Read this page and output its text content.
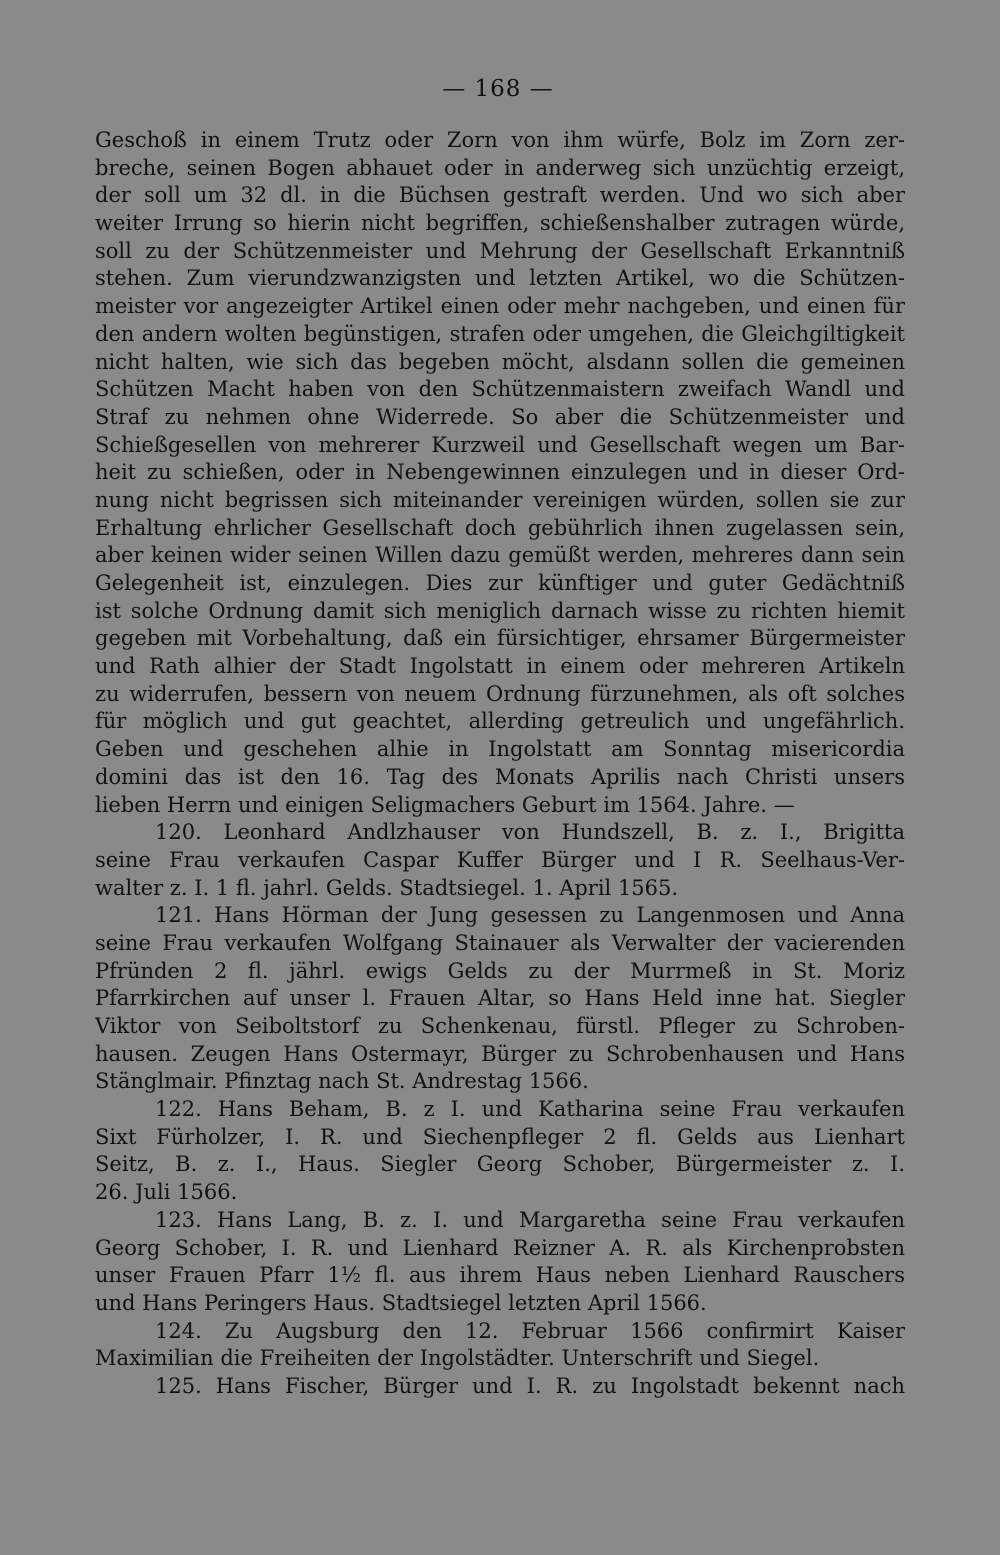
— 168 —
Geschoß in einem Trutz oder Zorn von ihm würfe, Bolz im Zorn zer-
breche, seinen Bogen abhauet oder in anderweg sich unzüchtig erzeigt,
der soll um 32 dl. in die Büchsen gestraft werden. Und wo sich aber
weiter Irrung so hierin nicht begriffen, schießenshalber zutragen würde,
soll zu der Schützenmeister und Mehrung der Gesellschaft Erkanntniß
stehen. Zum vierundzwanzigsten und letzten Artikel, wo die Schützen-
meister vor angezeigter Artikel einen oder mehr nachgeben, und einen für
den andern wolten begünstigen, strafen oder umgehen, die Gleichgiltigkeit
nicht halten, wie sich das begeben möcht, alsdann sollen die gemeinen
Schützen Macht haben von den Schützenmaistern zweifach Wandl und
Straf zu nehmen ohne Widerrede. So aber die Schützenmeister und
Schießgesellen von mehrerer Kurzweil und Gesellschaft wegen um Bar-
heit zu schießen, oder in Nebengewinnen einzulegen und in dieser Ord-
nung nicht begrissen sich miteinander vereinigen würden, sollen sie zur
Erhaltung ehrlicher Gesellschaft doch gebührlich ihnen zugelassen sein,
aber keinen wider seinen Willen dazu gemüßt werden, mehreres dann sein
Gelegenheit ist, einzulegen. Dies zur künftiger und guter Gedächtniß
ist solche Ordnung damit sich meniglich darnach wisse zu richten hiemit
gegeben mit Vorbehaltung, daß ein fürsichtiger, ehrsamer Bürgermeister
und Rath alhier der Stadt Ingolstatt in einem oder mehreren Artikeln
zu widerrufen, bessern von neuem Ordnung fürzunehmen, als oft solches
für möglich und gut geachtet, allerding getreulich und ungefährlich.
Geben und geschehen alhie in Ingolstatt am Sonntag misericordia
domini das ist den 16. Tag des Monats Aprilis nach Christi unsers
lieben Herrn und einigen Seligmachers Geburt im 1564. Jahre. —
120. Leonhard Andlzhauser von Hundszell, B. z. I., Brigitta
seine Frau verkaufen Caspar Kuffer Bürger und I R. Seelhaus-Ver-
walter z. I. 1 fl. jahrl. Gelds. Stadtsiegel. 1. April 1565.
121. Hans Hörman der Jung gesessen zu Langenmosen und Anna
seine Frau verkaufen Wolfgang Stainauer als Verwalter der vacierenden
Pfründen 2 fl. jährl. ewigs Gelds zu der Murrmeß in St. Moriz
Pfarrkirchen auf unser l. Frauen Altar, so Hans Held inne hat. Siegler
Viktor von Seiboltstorf zu Schenkenau, fürstl. Pfleger zu Schroben-
hausen. Zeugen Hans Ostermayr, Bürger zu Schrobenhausen und Hans
Stänglmair. Pfinztag nach St. Andrestag 1566.
122. Hans Beham, B. z I. und Katharina seine Frau verkaufen
Sixt Fürholzer, I. R. und Siechenpfleger 2 fl. Gelds aus Lienhart
Seitz, B. z. I., Haus. Siegler Georg Schober, Bürgermeister z. I.
26. Juli 1566.
123. Hans Lang, B. z. I. und Margaretha seine Frau verkaufen
Georg Schober, I. R. und Lienhard Reizner A. R. als Kirchenprobsten
unser Frauen Pfarr 1½ fl. aus ihrem Haus neben Lienhard Rauschers
und Hans Peringers Haus. Stadtsiegel letzten April 1566.
124. Zu Augsburg den 12. Februar 1566 confirmirt Kaiser
Maximilian die Freiheiten der Ingolstädter. Unterschrift und Siegel.
125. Hans Fischer, Bürger und I. R. zu Ingolstadt bekennt nach
